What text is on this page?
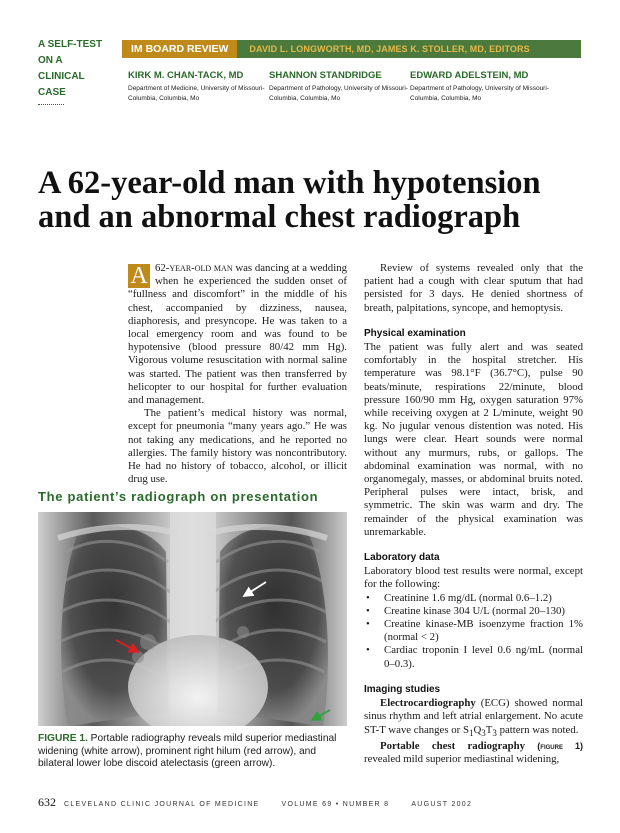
A SELF-TEST
ON A
CLINICAL
CASE
IM BOARD REVIEW	DAVID L. LONGWORTH, MD, JAMES K. STOLLER, MD, EDITORS
KIRK M. CHAN-TACK, MD
Department of Medicine, University of Missouri-Columbia, Columbia, Mo
SHANNON STANDRIDGE
Department of Pathology, University of Missouri-Columbia, Columbia, Mo
EDWARD ADELSTEIN, MD
Department of Pathology, University of Missouri-Columbia, Columbia, Mo
A 62-year-old man with hypotension
and an abnormal chest radiograph

A 62-year-old man was dancing at a wedding when he experienced the sudden onset of “fullness and discomfort” in the middle of his chest, accompanied by dizziness, nausea, diaphoresis, and presyncope. He was taken to a local emergency room and was found to be hypotensive (blood pressure 80/42 mm Hg). Vigorous volume resuscitation with normal saline was started. The patient was then transferred by helicopter to our hospital for further evaluation and management.

The patient’s medical history was normal, except for pneumonia “many years ago.” He was not taking any medications, and he reported no allergies. The family history was noncontributory. He had no history of tobacco, alcohol, or illicit drug use.

The patient’s radiograph on presentation
FIGURE 1. Portable radiography reveals mild superior mediastinal widening (white arrow), prominent right hilum (red arrow), and bilateral lower lobe discoid atelectasis (green arrow).

Review of systems revealed only that the patient had a cough with clear sputum that had persisted for 3 days. He denied shortness of breath, palpitations, syncope, and hemoptysis.

Physical examination

The patient was fully alert and was seated comfortably in the hospital stretcher. His temperature was 98.1°F (36.7°C), pulse 90 beats/minute, respirations 22/minute, blood pressure 160/90 mm Hg, oxygen saturation 97% while receiving oxygen at 2 L/minute, weight 90 kg. No jugular venous distention was noted. His lungs were clear. Heart sounds were normal without any murmurs, rubs, or gallops. The abdominal examination was normal, with no organomegaly, masses, or abdominal bruits noted. Peripheral pulses were intact, brisk, and symmetric. The skin was warm and dry. The remainder of the physical examination was unremarkable.

Laboratory data

Laboratory blood test results were normal, except for the following:

• Creatinine 1.6 mg/dL (normal 0.6–1.2)
• Creatine kinase 304 U/L (normal 20–130)
• Creatine kinase-MB isoenzyme fraction 1% (normal < 2)
• Cardiac troponin I level 0.6 ng/mL (normal 0–0.3).
Imaging studies

Electrocardiography (ECG) showed normal sinus rhythm and left atrial enlargement. No acute ST-T wave changes or $S_1Q_3T_3$ pattern was noted.

Portable chest radiography (figure 1) revealed mild superior mediastinal widening,

632 CLEVELAND CLINIC JOURNAL OF MEDICINE	VOLUME 69 • NUMBER 8	AUGUST 2002
